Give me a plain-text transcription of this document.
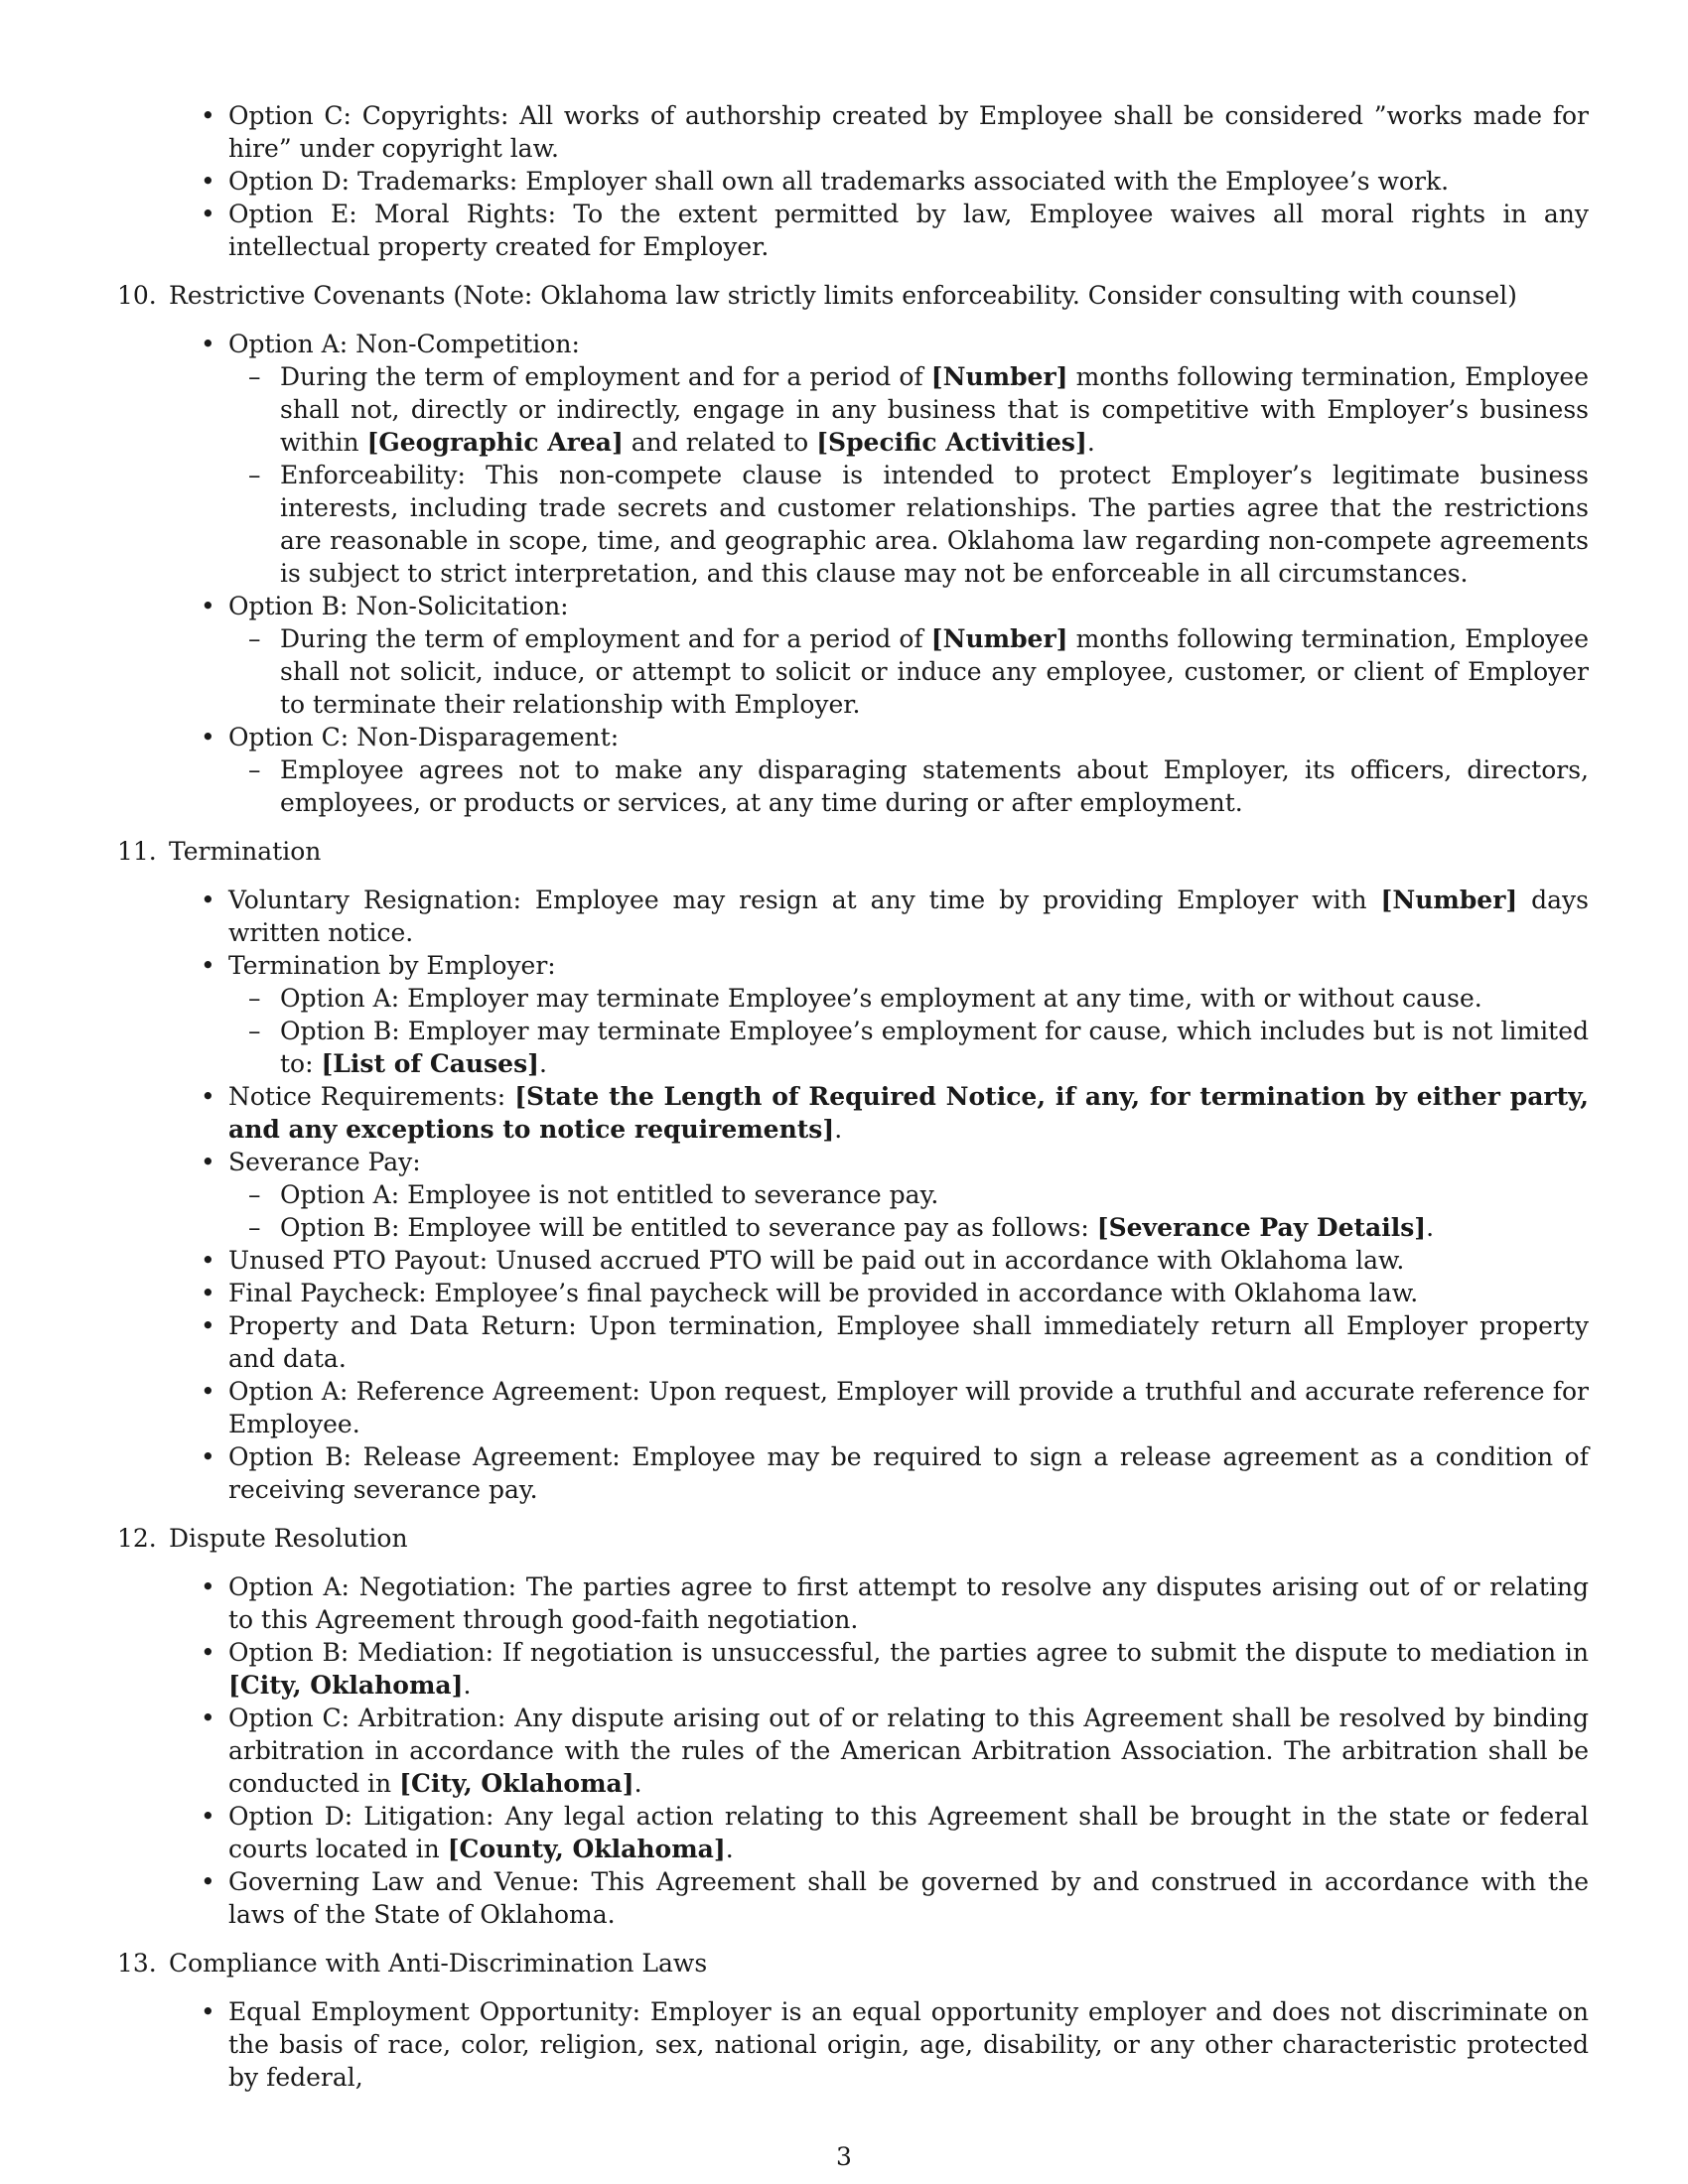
• Option C: Copyrights: All works of authorship created by Employee shall be considered ”works made for hire” under copyright law.
• Option D: Trademarks: Employer shall own all trademarks associated with the Employee’s work.
• Option E: Moral Rights: To the extent permitted by law, Employee waives all moral rights in any intellectual property created for Employer.
10. Restrictive Covenants (Note: Oklahoma law strictly limits enforceability. Consider consulting with counsel)
• Option A: Non-Competition:
– During the term of employment and for a period of [Number] months following termination, Employee shall not, directly or indirectly, engage in any business that is competitive with Employer’s business within [Geographic Area] and related to [Specific Activities].
– Enforceability: This non-compete clause is intended to protect Employer’s legitimate business interests, including trade secrets and customer relationships. The parties agree that the restrictions are reasonable in scope, time, and geographic area. Oklahoma law regarding non-compete agreements is subject to strict interpretation, and this clause may not be enforceable in all circumstances.
• Option B: Non-Solicitation:
– During the term of employment and for a period of [Number] months following termination, Employee shall not solicit, induce, or attempt to solicit or induce any employee, customer, or client of Employer to terminate their relationship with Employer.
• Option C: Non-Disparagement:
– Employee agrees not to make any disparaging statements about Employer, its officers, directors, employees, or products or services, at any time during or after employment.
11. Termination
• Voluntary Resignation: Employee may resign at any time by providing Employer with [Number] days written notice.
• Termination by Employer:
– Option A: Employer may terminate Employee’s employment at any time, with or without cause.
– Option B: Employer may terminate Employee’s employment for cause, which includes but is not limited to: [List of Causes].
• Notice Requirements: [State the Length of Required Notice, if any, for termination by either party, and any exceptions to notice requirements].
• Severance Pay:
– Option A: Employee is not entitled to severance pay.
– Option B: Employee will be entitled to severance pay as follows: [Severance Pay Details].
• Unused PTO Payout: Unused accrued PTO will be paid out in accordance with Oklahoma law.
• Final Paycheck: Employee’s final paycheck will be provided in accordance with Oklahoma law.
• Property and Data Return: Upon termination, Employee shall immediately return all Employer property and data.
• Option A: Reference Agreement: Upon request, Employer will provide a truthful and accurate reference for Employee.
• Option B: Release Agreement: Employee may be required to sign a release agreement as a condition of receiving severance pay.
12. Dispute Resolution
• Option A: Negotiation: The parties agree to first attempt to resolve any disputes arising out of or relating to this Agreement through good-faith negotiation.
• Option B: Mediation: If negotiation is unsuccessful, the parties agree to submit the dispute to mediation in [City, Oklahoma].
• Option C: Arbitration: Any dispute arising out of or relating to this Agreement shall be resolved by binding arbitration in accordance with the rules of the American Arbitration Association. The arbitration shall be conducted in [City, Oklahoma].
• Option D: Litigation: Any legal action relating to this Agreement shall be brought in the state or federal courts located in [County, Oklahoma].
• Governing Law and Venue: This Agreement shall be governed by and construed in accordance with the laws of the State of Oklahoma.
13. Compliance with Anti-Discrimination Laws
• Equal Employment Opportunity: Employer is an equal opportunity employer and does not discriminate on the basis of race, color, religion, sex, national origin, age, disability, or any other characteristic protected by federal,
3
